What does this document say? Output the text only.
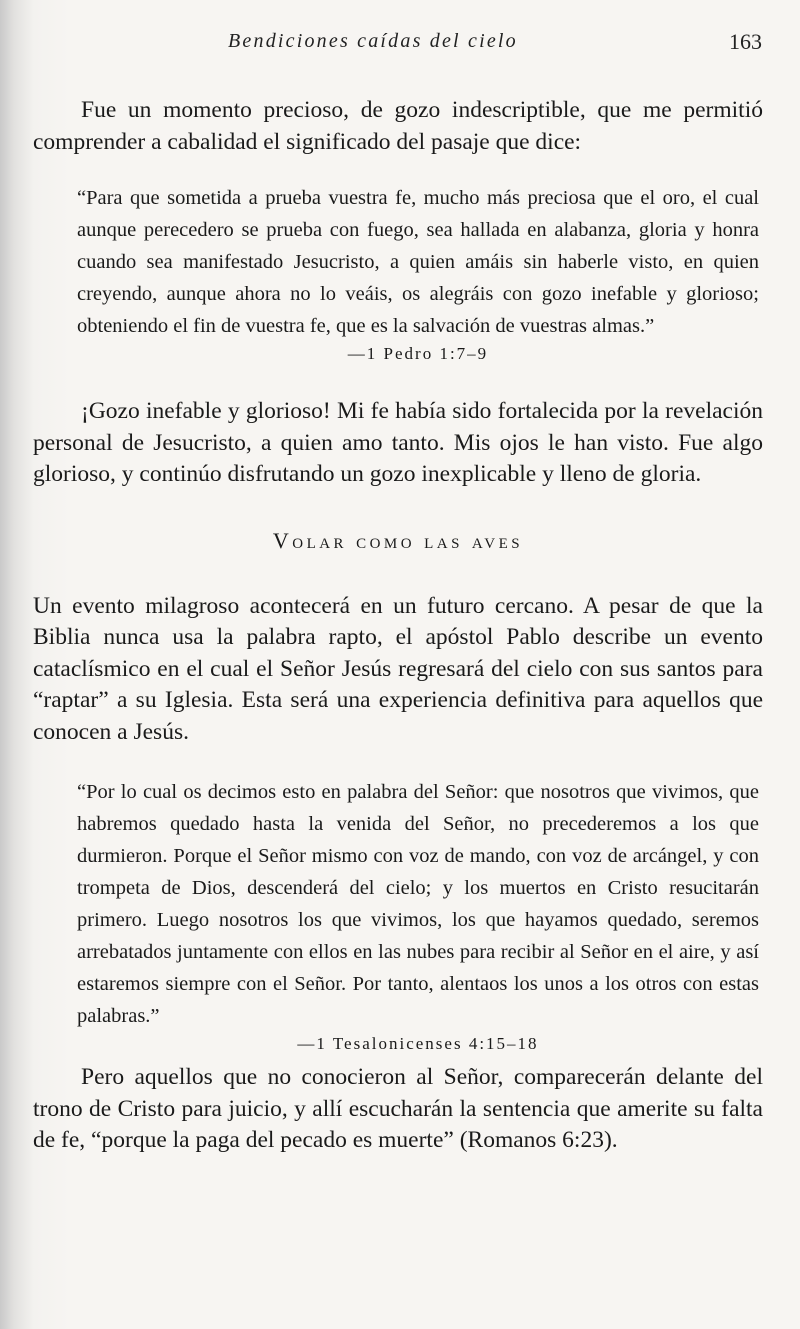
Bendiciones caídas del cielo	163

Fue un momento precioso, de gozo indescriptible, que me permitió comprender a cabalidad el significado del pasaje que dice:

“Para que sometida a prueba vuestra fe, mucho más preciosa que el oro, el cual aunque perecedero se prueba con fuego, sea hallada en alabanza, gloria y honra cuando sea manifestado Jesucristo, a quien amáis sin haberle visto, en quien creyendo, aunque ahora no lo veáis, os alegráis con gozo inefable y glorioso; obteniendo el fin de vuestra fe, que es la salvación de vuestras almas.”

—1 Pedro 1:7–9

¡Gozo inefable y glorioso! Mi fe había sido fortalecida por la revelación personal de Jesucristo, a quien amo tanto. Mis ojos le han visto. Fue algo glorioso, y continúo disfrutando un gozo inexplicable y lleno de gloria.

Volar como las aves

Un evento milagroso acontecerá en un futuro cercano. A pesar de que la Biblia nunca usa la palabra rapto, el apóstol Pablo describe un evento cataclísmico en el cual el Señor Jesús regresará del cielo con sus santos para “raptar” a su Iglesia. Esta será una experiencia definitiva para aquellos que conocen a Jesús.

“Por lo cual os decimos esto en palabra del Señor: que nosotros que vivimos, que habremos quedado hasta la venida del Señor, no precederemos a los que durmieron. Porque el Señor mismo con voz de mando, con voz de arcángel, y con trompeta de Dios, descenderá del cielo; y los muertos en Cristo resucitarán primero. Luego nosotros los que vivimos, los que hayamos quedado, seremos arrebatados juntamente con ellos en las nubes para recibir al Señor en el aire, y así estaremos siempre con el Señor. Por tanto, alentaos los unos a los otros con estas palabras.”

—1 Tesalonicenses 4:15–18

Pero aquellos que no conocieron al Señor, comparecerán delante del trono de Cristo para juicio, y allí escucharán la sentencia que amerite su falta de fe, “porque la paga del pecado es muerte” (Romanos 6:23).
